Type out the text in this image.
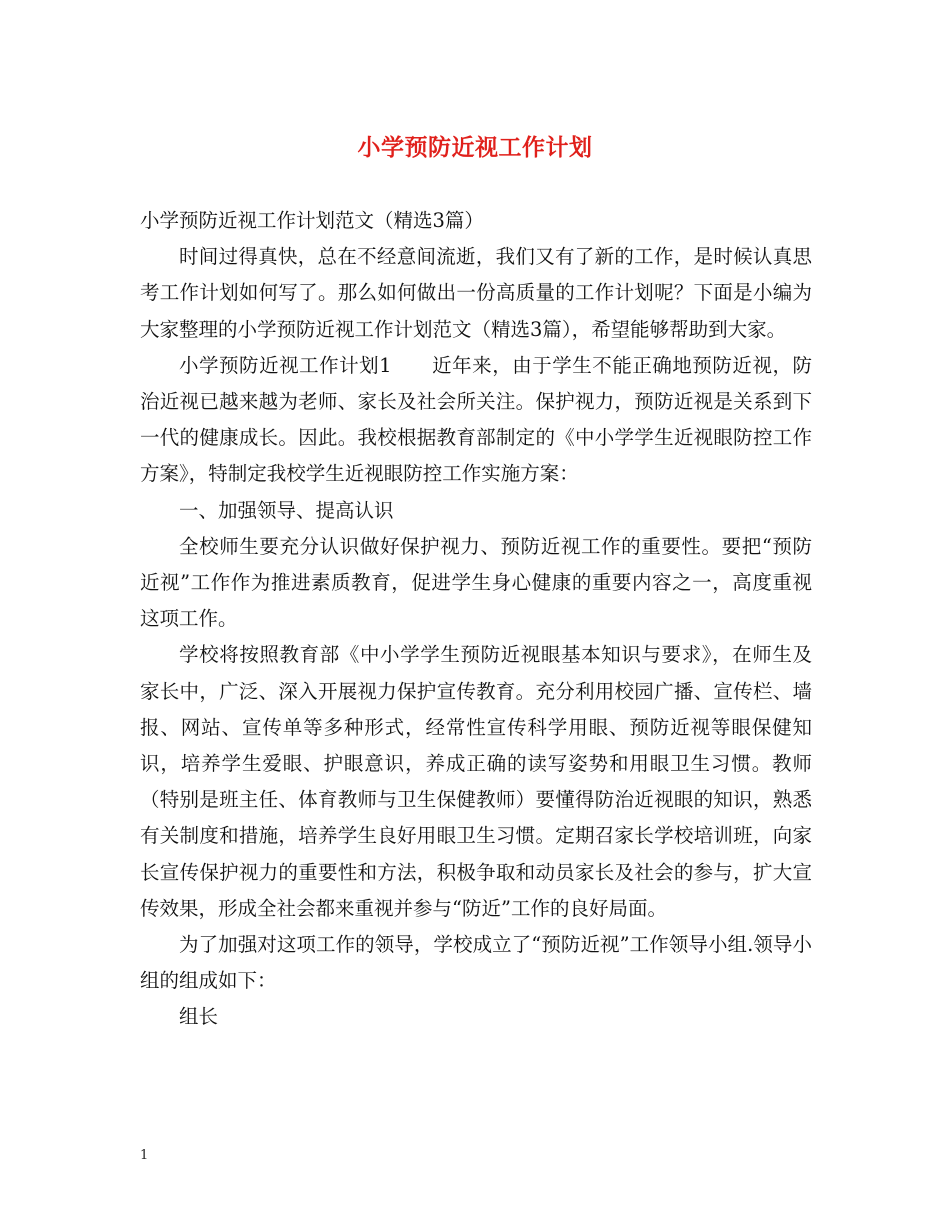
小学预防近视工作计划

小学预防近视工作计划范文（精选3篇）

时间过得真快，总在不经意间流逝，我们又有了新的工作，是时候认真思考工作计划如何写了。那么如何做出一份高质量的工作计划呢？下面是小编为大家整理的小学预防近视工作计划范文（精选3篇），希望能够帮助到大家。

小学预防近视工作计划1　　近年来，由于学生不能正确地预防近视，防治近视已越来越为老师、家长及社会所关注。保护视力，预防近视是关系到下一代的健康成长。因此。我校根据教育部制定的《中小学学生近视眼防控工作方案》，特制定我校学生近视眼防控工作实施方案：

一、加强领导、提高认识

全校师生要充分认识做好保护视力、预防近视工作的重要性。要把“预防近视”工作作为推进素质教育，促进学生身心健康的重要内容之一，高度重视这项工作。

学校将按照教育部《中小学学生预防近视眼基本知识与要求》，在师生及家长中，广泛、深入开展视力保护宣传教育。充分利用校园广播、宣传栏、墙报、网站、宣传单等多种形式，经常性宣传科学用眼、预防近视等眼保健知识，培养学生爱眼、护眼意识，养成正确的读写姿势和用眼卫生习惯。教师（特别是班主任、体育教师与卫生保健教师）要懂得防治近视眼的知识，熟悉有关制度和措施，培养学生良好用眼卫生习惯。定期召家长学校培训班，向家长宣传保护视力的重要性和方法，积极争取和动员家长及社会的参与，扩大宣传效果，形成全社会都来重视并参与“防近”工作的良好局面。

为了加强对这项工作的领导，学校成立了“预防近视”工作领导小组.领导小组的组成如下：

组长

1
